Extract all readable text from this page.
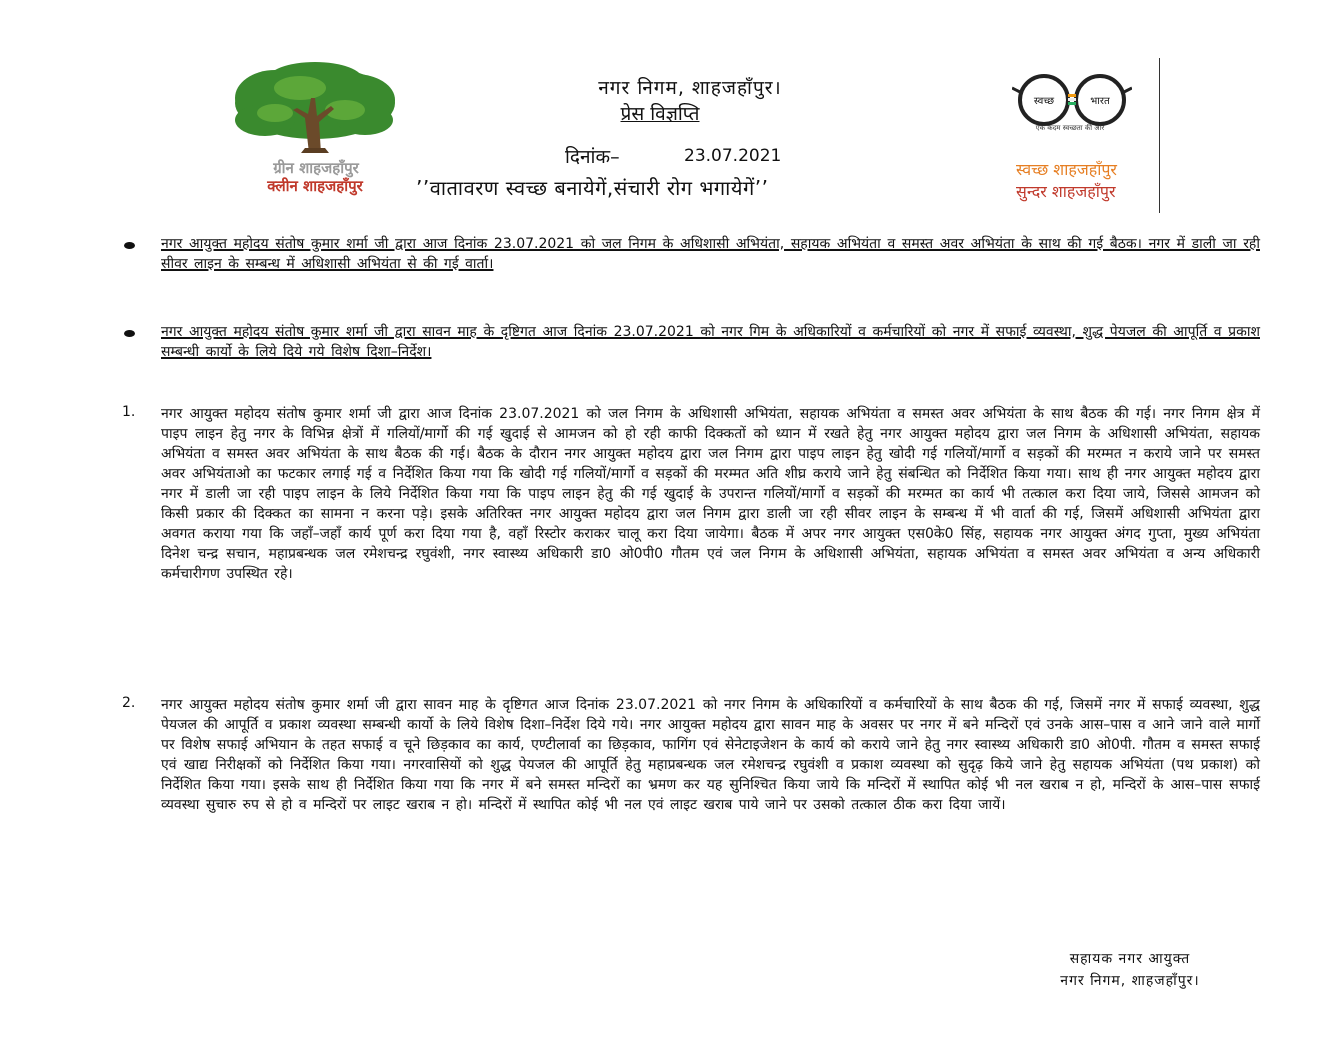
ग्रीन शाहजहाँपुर
क्लीन शाहजहाँपुर
नगर निगम, शाहजहाँपुर।
प्रेस विज्ञप्ति
दिनांक–	23.07.2021
’’वातावरण स्वच्छ बनायेगें,संचारी रोग भगायेगें’’
स्वच्छ	भारत
एक कदम स्वच्छता की ओर
स्वच्छ शाहजहाँपुर
सुन्दर शाहजहाँपुर
नगर आयुक्त महोदय संतोष कुमार शर्मा जी द्वारा आज दिनांक 23.07.2021 को जल निगम के अधिशासी अभियंता, सहायक अभियंता व समस्त अवर अभियंता के साथ की गई बैठक। नगर में डाली जा रही सीवर लाइन के सम्बन्ध में अधिशासी अभियंता से की गई वार्ता।
नगर आयुक्त महोदय संतोष कुमार शर्मा जी द्वारा सावन माह के दृष्टिगत आज दिनांक 23.07.2021 को नगर गिम के अधिकारियों व कर्मचारियों को नगर में सफाई व्यवस्था, शुद्ध पेयजल की आपूर्ति व प्रकाश सम्बन्धी कार्यो के लिये दिये गये विशेष दिशा–निर्देश।
1. नगर आयुक्त महोदय संतोष कुमार शर्मा जी द्वारा आज दिनांक 23.07.2021 को जल निगम के अधिशासी अभियंता, सहायक अभियंता व समस्त अवर अभियंता के साथ बैठक की गई। नगर निगम क्षेत्र में पाइप लाइन हेतु नगर के विभिन्न क्षेत्रों में गलियों/मार्गो की गई खुदाई से आमजन को हो रही काफी दिक्कतों को ध्यान में रखते हेतु नगर आयुक्त महोदय द्वारा जल निगम के अधिशासी अभियंता, सहायक अभियंता व समस्त अवर अभियंता के साथ बैठक की गई। बैठक के दौरान नगर आयुक्त महोदय द्वारा जल निगम द्वारा पाइप लाइन हेतु खोदी गई गलियों/मार्गो व सड़कों की मरम्मत न कराये जाने पर समस्त अवर अभियंताओ का फटकार लगाई गई व निर्देशित किया गया कि खोदी गई गलियों/मार्गो व सड़कों की मरम्मत अति शीघ्र कराये जाने हेतु संबन्धित को निर्देशित किया गया। साथ ही नगर आयुक्त महोदय द्वारा नगर में डाली जा रही पाइप लाइन के लिये निर्देशित किया गया कि पाइप लाइन हेतु की गई खुदाई के उपरान्त गलियों/मार्गो व सड़कों की मरम्मत का कार्य भी तत्काल करा दिया जाये, जिससे आमजन को किसी प्रकार की दिक्कत का सामना न करना पड़े। इसके अतिरिक्त नगर आयुक्त महोदय द्वारा जल निगम द्वारा डाली जा रही सीवर लाइन के सम्बन्ध में भी वार्ता की गई, जिसमें अधिशासी अभियंता द्वारा अवगत कराया गया कि जहाँ–जहाँ कार्य पूर्ण करा दिया गया है, वहाँ रिस्टोर कराकर चालू करा दिया जायेगा। बैठक में अपर नगर आयुक्त एस0के0 सिंह, सहायक नगर आयुक्त अंगद गुप्ता, मुख्य अभियंता दिनेश चन्द्र सचान, महाप्रबन्धक जल रमेशचन्द्र रघुवंशी, नगर स्वास्थ्य अधिकारी डा0 ओ0पी0 गौतम एवं जल निगम के अधिशासी अभियंता, सहायक अभियंता व समस्त अवर अभियंता व अन्य अधिकारी कर्मचारीगण उपस्थित रहे।
2. नगर आयुक्त महोदय संतोष कुमार शर्मा जी द्वारा सावन माह के दृष्टिगत आज दिनांक 23.07.2021 को नगर निगम के अधिकारियों व कर्मचारियों के साथ बैठक की गई, जिसमें नगर में सफाई व्यवस्था, शुद्ध पेयजल की आपूर्ति व प्रकाश व्यवस्था सम्बन्धी कार्यो के लिये विशेष दिशा–निर्देश दिये गये। नगर आयुक्त महोदय द्वारा सावन माह के अवसर पर नगर में बने मन्दिरों एवं उनके आस–पास व आने जाने वाले मार्गो पर विशेष सफाई अभियान के तहत सफाई व चूने छिड़काव का कार्य, एण्टीलार्वा का छिड़काव, फागिंग एवं सेनेटाइजेशन के कार्य को कराये जाने हेतु नगर स्वास्थ्य अधिकारी डा0 ओ0पी. गौतम व समस्त सफाई एवं खाद्य निरीक्षकों को निर्देशित किया गया। नगरवासियों को शुद्ध पेयजल की आपूर्ति हेतु महाप्रबन्धक जल रमेशचन्द्र रघुवंशी व प्रकाश व्यवस्था को सुदृढ़ किये जाने हेतु सहायक अभियंता (पथ प्रकाश) को निर्देशित किया गया। इसके साथ ही निर्देशित किया गया कि नगर में बने समस्त मन्दिरों का भ्रमण कर यह सुनिश्चित किया जाये कि मन्दिरों में स्थापित कोई भी नल खराब न हो, मन्दिरों के आस–पास सफाई व्यवस्था सुचारु रुप से हो व मन्दिरों पर लाइट खराब न हो। मन्दिरों में स्थापित कोई भी नल एवं लाइट खराब पाये जाने पर उसको तत्काल ठीक करा दिया जायें।
सहायक नगर आयुक्त
नगर निगम, शाहजहाँपुर।
